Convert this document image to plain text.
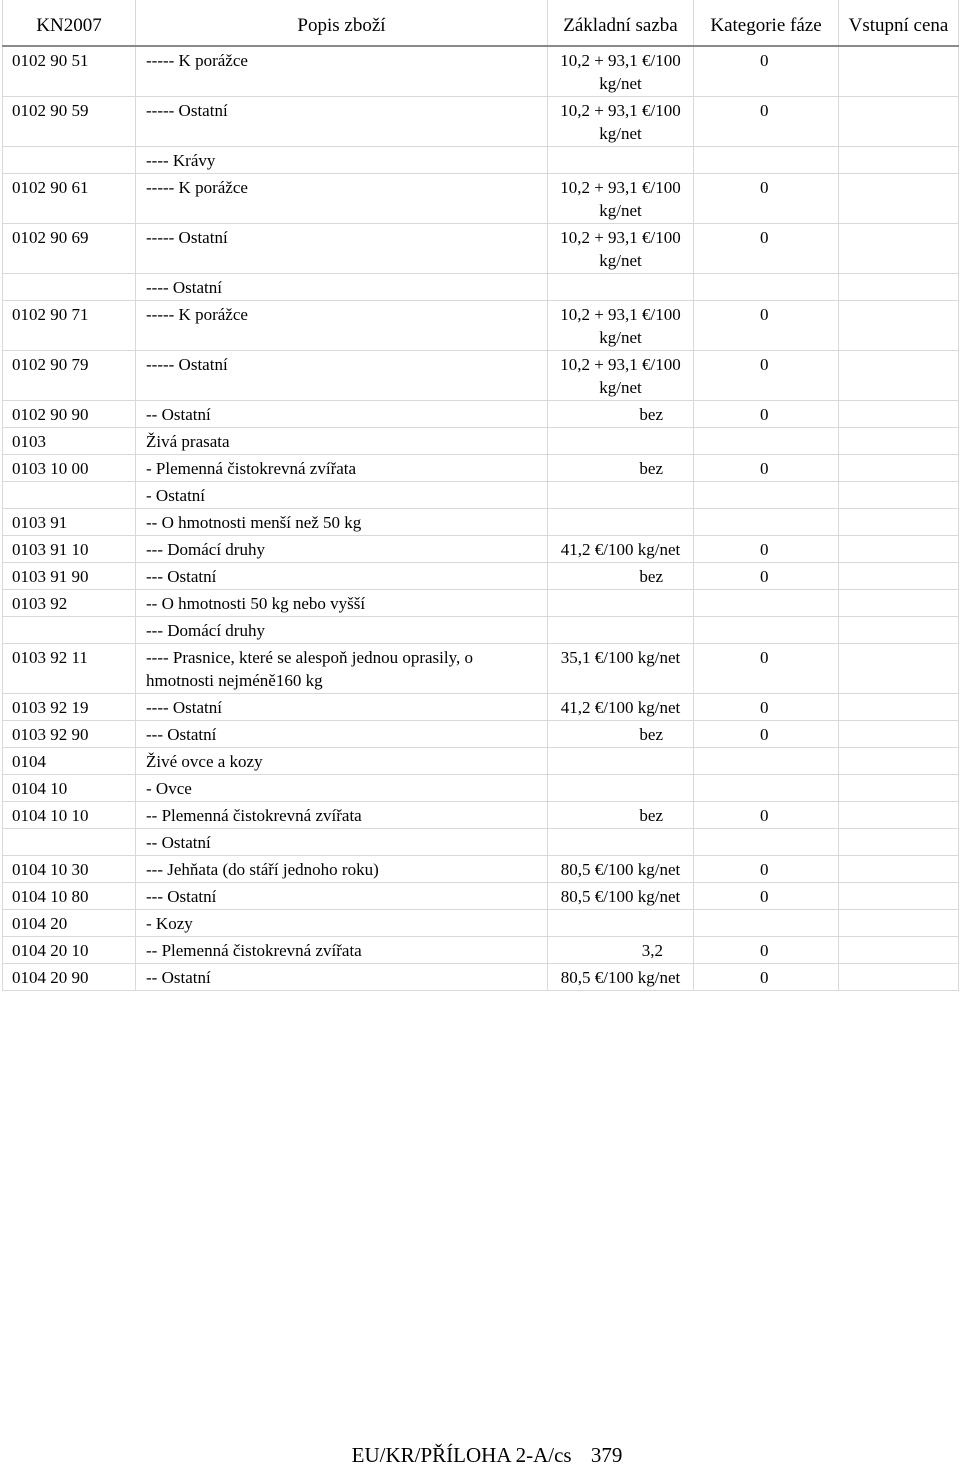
KN2007	Popis zboží	Základní sazba	Kategorie fáze	Vstupní cena
0102 90 51	----- K porážce	10,2 + 93,1 €/100 kg/net	0	
0102 90 59	----- Ostatní	10,2 + 93,1 €/100 kg/net	0	
	---- Krávy			
0102 90 61	----- K porážce	10,2 + 93,1 €/100 kg/net	0	
0102 90 69	----- Ostatní	10,2 + 93,1 €/100 kg/net	0	
	---- Ostatní			
0102 90 71	----- K porážce	10,2 + 93,1 €/100 kg/net	0	
0102 90 79	----- Ostatní	10,2 + 93,1 €/100 kg/net	0	
0102 90 90	-- Ostatní	bez	0	
0103	Živá prasata			
0103 10 00	- Plemenná čistokrevná zvířata	bez	0	
	- Ostatní			
0103 91	-- O hmotnosti menší než 50 kg			
0103 91 10	--- Domácí druhy	41,2 €/100 kg/net	0	
0103 91 90	--- Ostatní	bez	0	
0103 92	-- O hmotnosti 50 kg nebo vyšší			
	--- Domácí druhy			
0103 92 11	---- Prasnice, které se alespoň jednou oprasily, o hmotnosti nejméně160 kg	35,1 €/100 kg/net	0	
0103 92 19	---- Ostatní	41,2 €/100 kg/net	0	
0103 92 90	--- Ostatní	bez	0	
0104	Živé ovce a kozy			
0104 10	- Ovce			
0104 10 10	-- Plemenná čistokrevná zvířata	bez	0	
	-- Ostatní			
0104 10 30	--- Jehňata (do stáří jednoho roku)	80,5 €/100 kg/net	0	
0104 10 80	--- Ostatní	80,5 €/100 kg/net	0	
0104 20	- Kozy			
0104 20 10	-- Plemenná čistokrevná zvířata	3,2	0	
0104 20 90	-- Ostatní	80,5 €/100 kg/net	0	
EU/KR/PŘÍLOHA 2-A/cs 379
